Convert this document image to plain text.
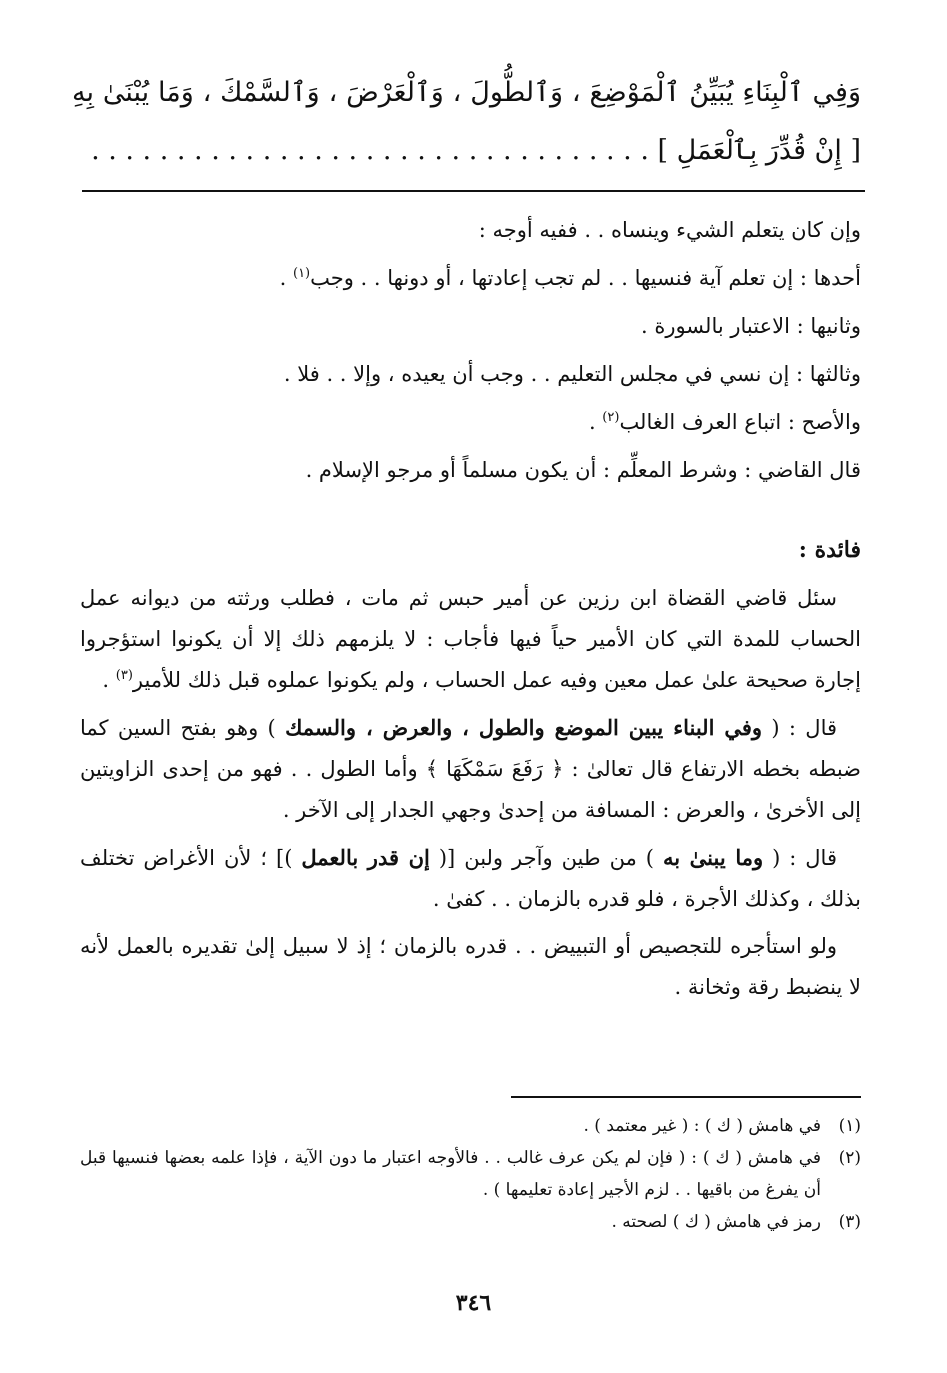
وَفِي ٱلْبِنَاءِ يُبَيِّنُ ٱلْمَوْضِعَ ، وَٱلطُّولَ ، وَٱلْعَرْضَ ، وَٱلسَّمْكَ ، وَمَا يُبْنَىٰ بِهِ [ إِنْ قُدِّرَ بِٱلْعَمَلِ ] . . . . . . . . . . . . . . . . . . . . . . . . . . . . . . . . .
وإن كان يتعلم الشيء وينساه . . ففيه أوجه :
أحدها : إن تعلم آية فنسيها . . لم تجب إعادتها ، أو دونها . . وجب$^{(١)}$ .
وثانيها : الاعتبار بالسورة .
وثالثها : إن نسي في مجلس التعليم . . وجب أن يعيده ، وإلا . . فلا .
والأصح : اتباع العرف الغالب$^{(٢)}$ .
قال القاضي : وشرط المعلِّم : أن يكون مسلماً أو مرجو الإسلام .
فائدة :

سئل قاضي القضاة ابن رزين عن أمير حبس ثم مات ، فطلب ورثته من ديوانه عمل الحساب للمدة التي كان الأمير حياً فيها فأجاب : لا يلزمهم ذلك إلا أن يكونوا استؤجروا إجارة صحيحة علىٰ عمل معين وفيه عمل الحساب ، ولم يكونوا عملوه قبل ذلك للأمير$^{(٣)}$ .

قال : ( وفي البناء يبين الموضع والطول ، والعرض ، والسمك ) وهو بفتح السين كما ضبطه بخطه الارتفاع قال تعالىٰ : ﴿ رَفَعَ سَمْكَهَا ﴾ وأما الطول . . فهو من إحدى الزاويتين إلى الأخرىٰ ، والعرض : المسافة من إحدىٰ وجهي الجدار إلى الآخر .

قال : ( وما يبنىٰ به ) من طين وآجر ولبن [( إن قدر بالعمل )] ؛ لأن الأغراض تختلف بذلك ، وكذلك الأجرة ، فلو قدره بالزمان . . كفىٰ .

ولو استأجره للتجصيص أو التبييض . . قدره بالزمان ؛ إذ لا سبيل إلىٰ تقديره بالعمل لأنه لا ينضبط رقة وثخانة .

(١)
في هامش ( ك ) : ( غير معتمد ) .
(٢)
في هامش ( ك ) : ( فإن لم يكن عرف غالب . . فالأوجه اعتبار ما دون الآية ، فإذا علمه بعضها فنسيها قبل أن يفرغ من باقيها . . لزم الأجير إعادة تعليمها ) .
(٣)
رمز في هامش ( ك ) لصحته .
٣٤٦
